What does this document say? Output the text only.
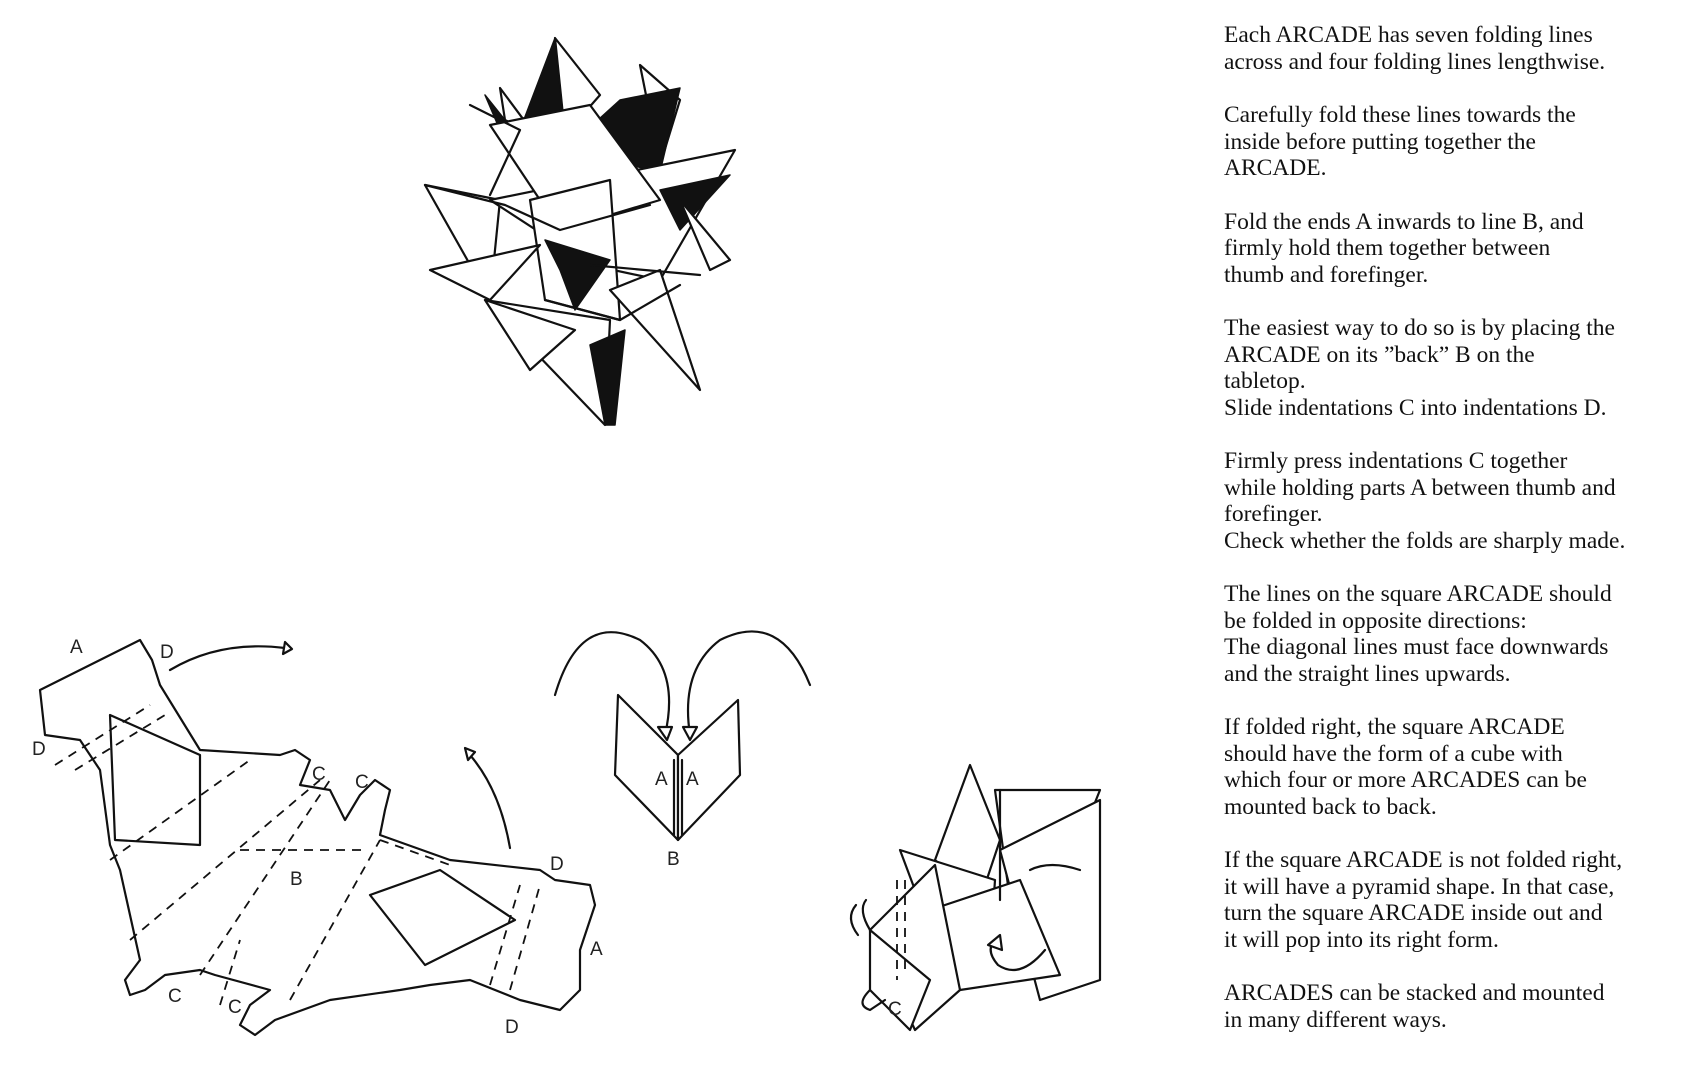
A	D
D
C C
B
D
A
C
C
D
A A
B
C

Each ARCADE has seven folding lines
across and four folding lines lengthwise.

Carefully fold these lines towards the
inside before putting together the
ARCADE.

Fold the ends A inwards to line B, and
firmly hold them together between
thumb and forefinger.

The easiest way to do so is by placing the
ARCADE on its ”back” B on the
tabletop.
Slide indentations C into indentations D.

Firmly press indentations C together
while holding parts A between thumb and
forefinger.
Check whether the folds are sharply made.

The lines on the square ARCADE should
be folded in opposite directions:
The diagonal lines must face downwards
and the straight lines upwards.

If folded right, the square ARCADE
should have the form of a cube with
which four or more ARCADES can be
mounted back to back.

If the square ARCADE is not folded right,
it will have a pyramid shape. In that case,
turn the square ARCADE inside out and
it will pop into its right form.

ARCADES can be stacked and mounted
in many different ways.
